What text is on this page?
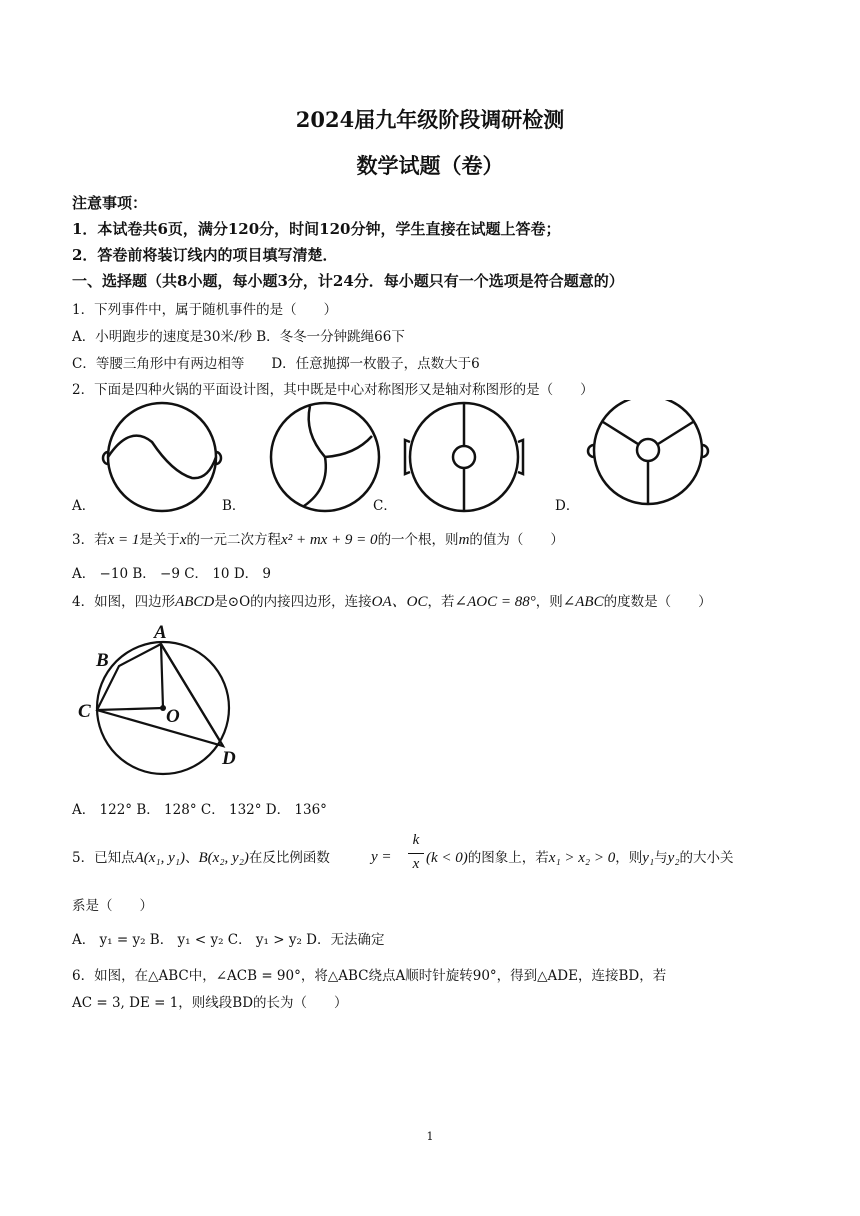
2024届九年级阶段调研检测
数学试题（卷）
注意事项：
1．本试卷共6页，满分120分，时间120分钟，学生直接在试题上答卷；
2．答卷前将装订线内的项目填写清楚．
一、选择题（共8小题，每小题3分，计24分．每小题只有一个选项是符合题意的）
1．下列事件中，属于随机事件的是（　　）
A．小明跑步的速度是30米/秒 B．冬冬一分钟跳绳66下
C．等腰三角形中有两边相等　　D．任意抛掷一枚骰子，点数大于6
2．下面是四种火锅的平面设计图，其中既是中心对称图形又是轴对称图形的是（　　）
A．	B．	C．	D．
3．若x = 1是关于x的一元二次方程x² + mx + 9 = 0的一个根，则m的值为（　　）
A． −10 B． −9 C． 10 D． 9
4．如图，四边形ABCD是⊙O的内接四边形，连接OA、OC，若∠AOC = 88°，则∠ABC的度数是（　　）
A
B
C	O
D
A． 122° B． 128° C． 132° D． 136°
5．已知点A(x₁, y₁)、B(x₂, y₂)在反比例函数	y =
k
x (k < 0)的图象上，若x₁ > x₂ > 0，则y₁与y₂的大小关
系是（　　）
A． y₁ = y₂ B． y₁ < y₂ C． y₁ > y₂ D．无法确定
6．如图，在△ABC中，∠ACB = 90°，将△ABC绕点A顺时针旋转90°，得到△ADE，连接BD，若
AC = 3, DE = 1，则线段BD的长为（　　）
1
